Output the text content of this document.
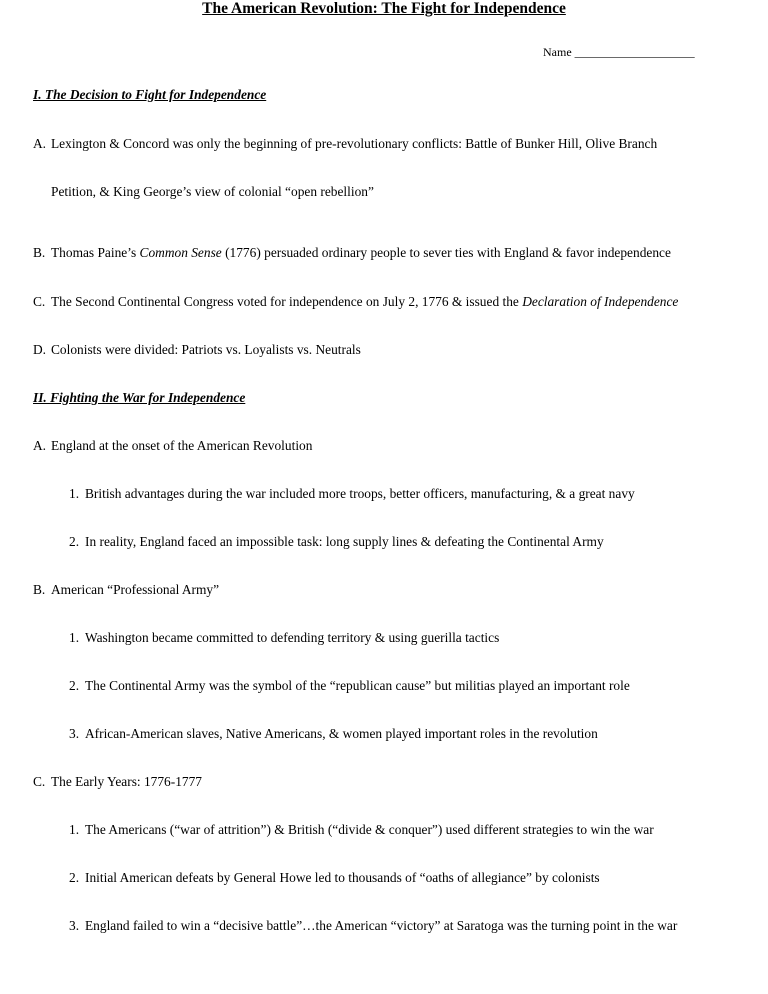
Name ____________________
The American Revolution: The Fight for Independence
I. The Decision to Fight for Independence
A. Lexington & Concord was only the beginning of pre-revolutionary conflicts: Battle of Bunker Hill, Olive Branch
Petition, & King George’s view of colonial “open rebellion”
B. Thomas Paine’s Common Sense (1776) persuaded ordinary people to sever ties with England & favor independence
C. The Second Continental Congress voted for independence on July 2, 1776 & issued the Declaration of Independence
D. Colonists were divided: Patriots vs. Loyalists vs. Neutrals
II. Fighting the War for Independence
A. England at the onset of the American Revolution
1. British advantages during the war included more troops, better officers, manufacturing, & a great navy
2. In reality, England faced an impossible task: long supply lines & defeating the Continental Army
B. American “Professional Army”
1. Washington became committed to defending territory & using guerilla tactics
2. The Continental Army was the symbol of the “republican cause” but militias played an important role
3. African-American slaves, Native Americans, & women played important roles in the revolution
C. The Early Years: 1776-1777
1. The Americans (“war of attrition”) & British (“divide & conquer”) used different strategies to win the war
2. Initial American defeats by General Howe led to thousands of “oaths of allegiance” by colonists
3. England failed to win a “decisive battle”…the American “victory” at Saratoga was the turning point in the war
